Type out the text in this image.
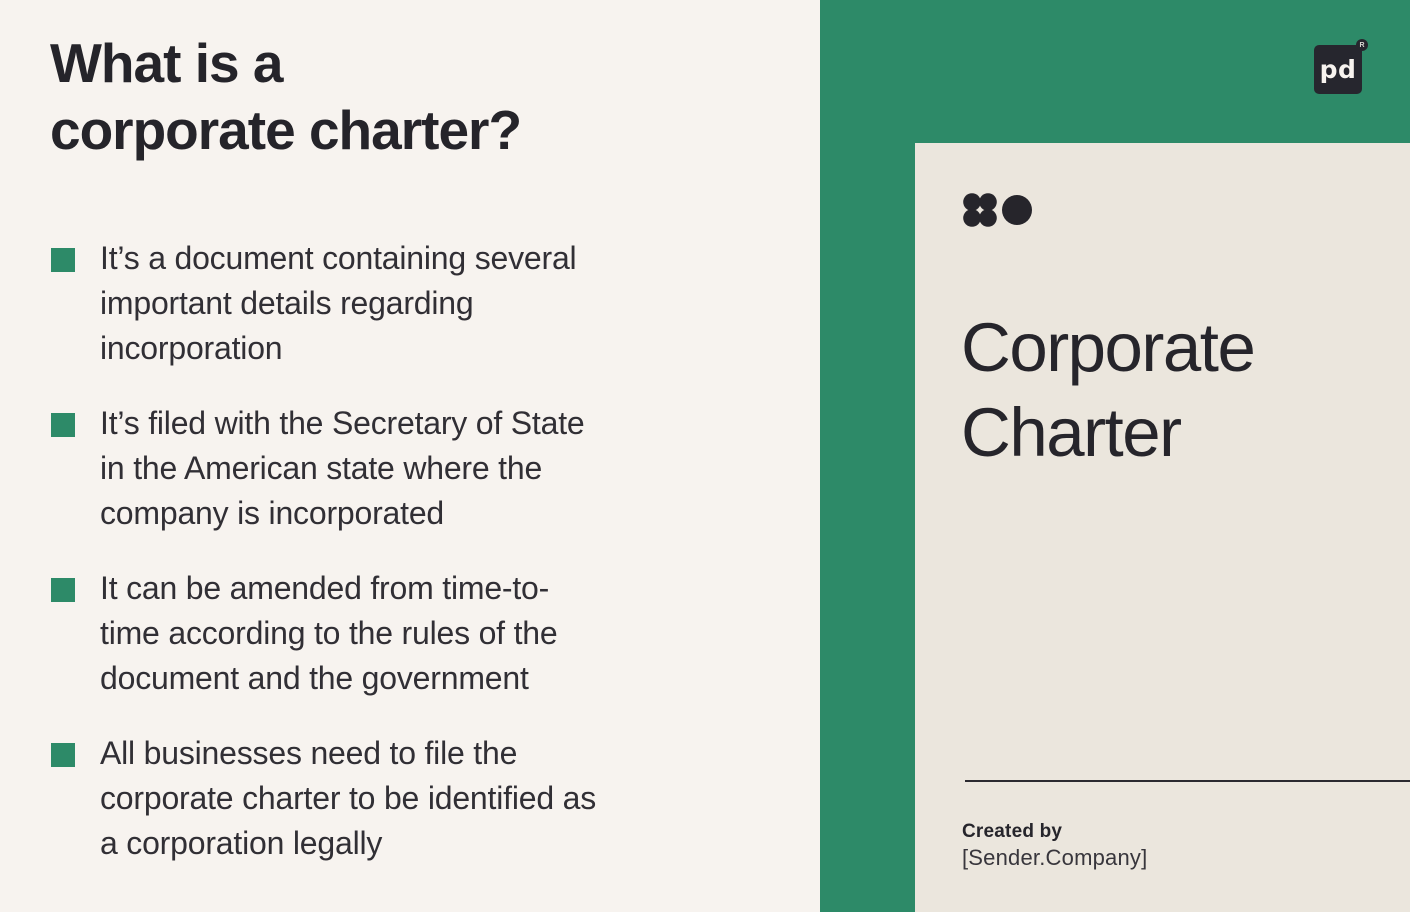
What is a
corporate charter?
It’s a document containing several
important details regarding
incorporation
It’s filed with the Secretary of State
in the American state where the
company is incorporated
It can be amended from time-to-
time according to the rules of the
document and the government
All businesses need to file the
corporate charter to be identified as
a corporation legally
pd
R
Corporate
Charter
Created by
[Sender.Company]
